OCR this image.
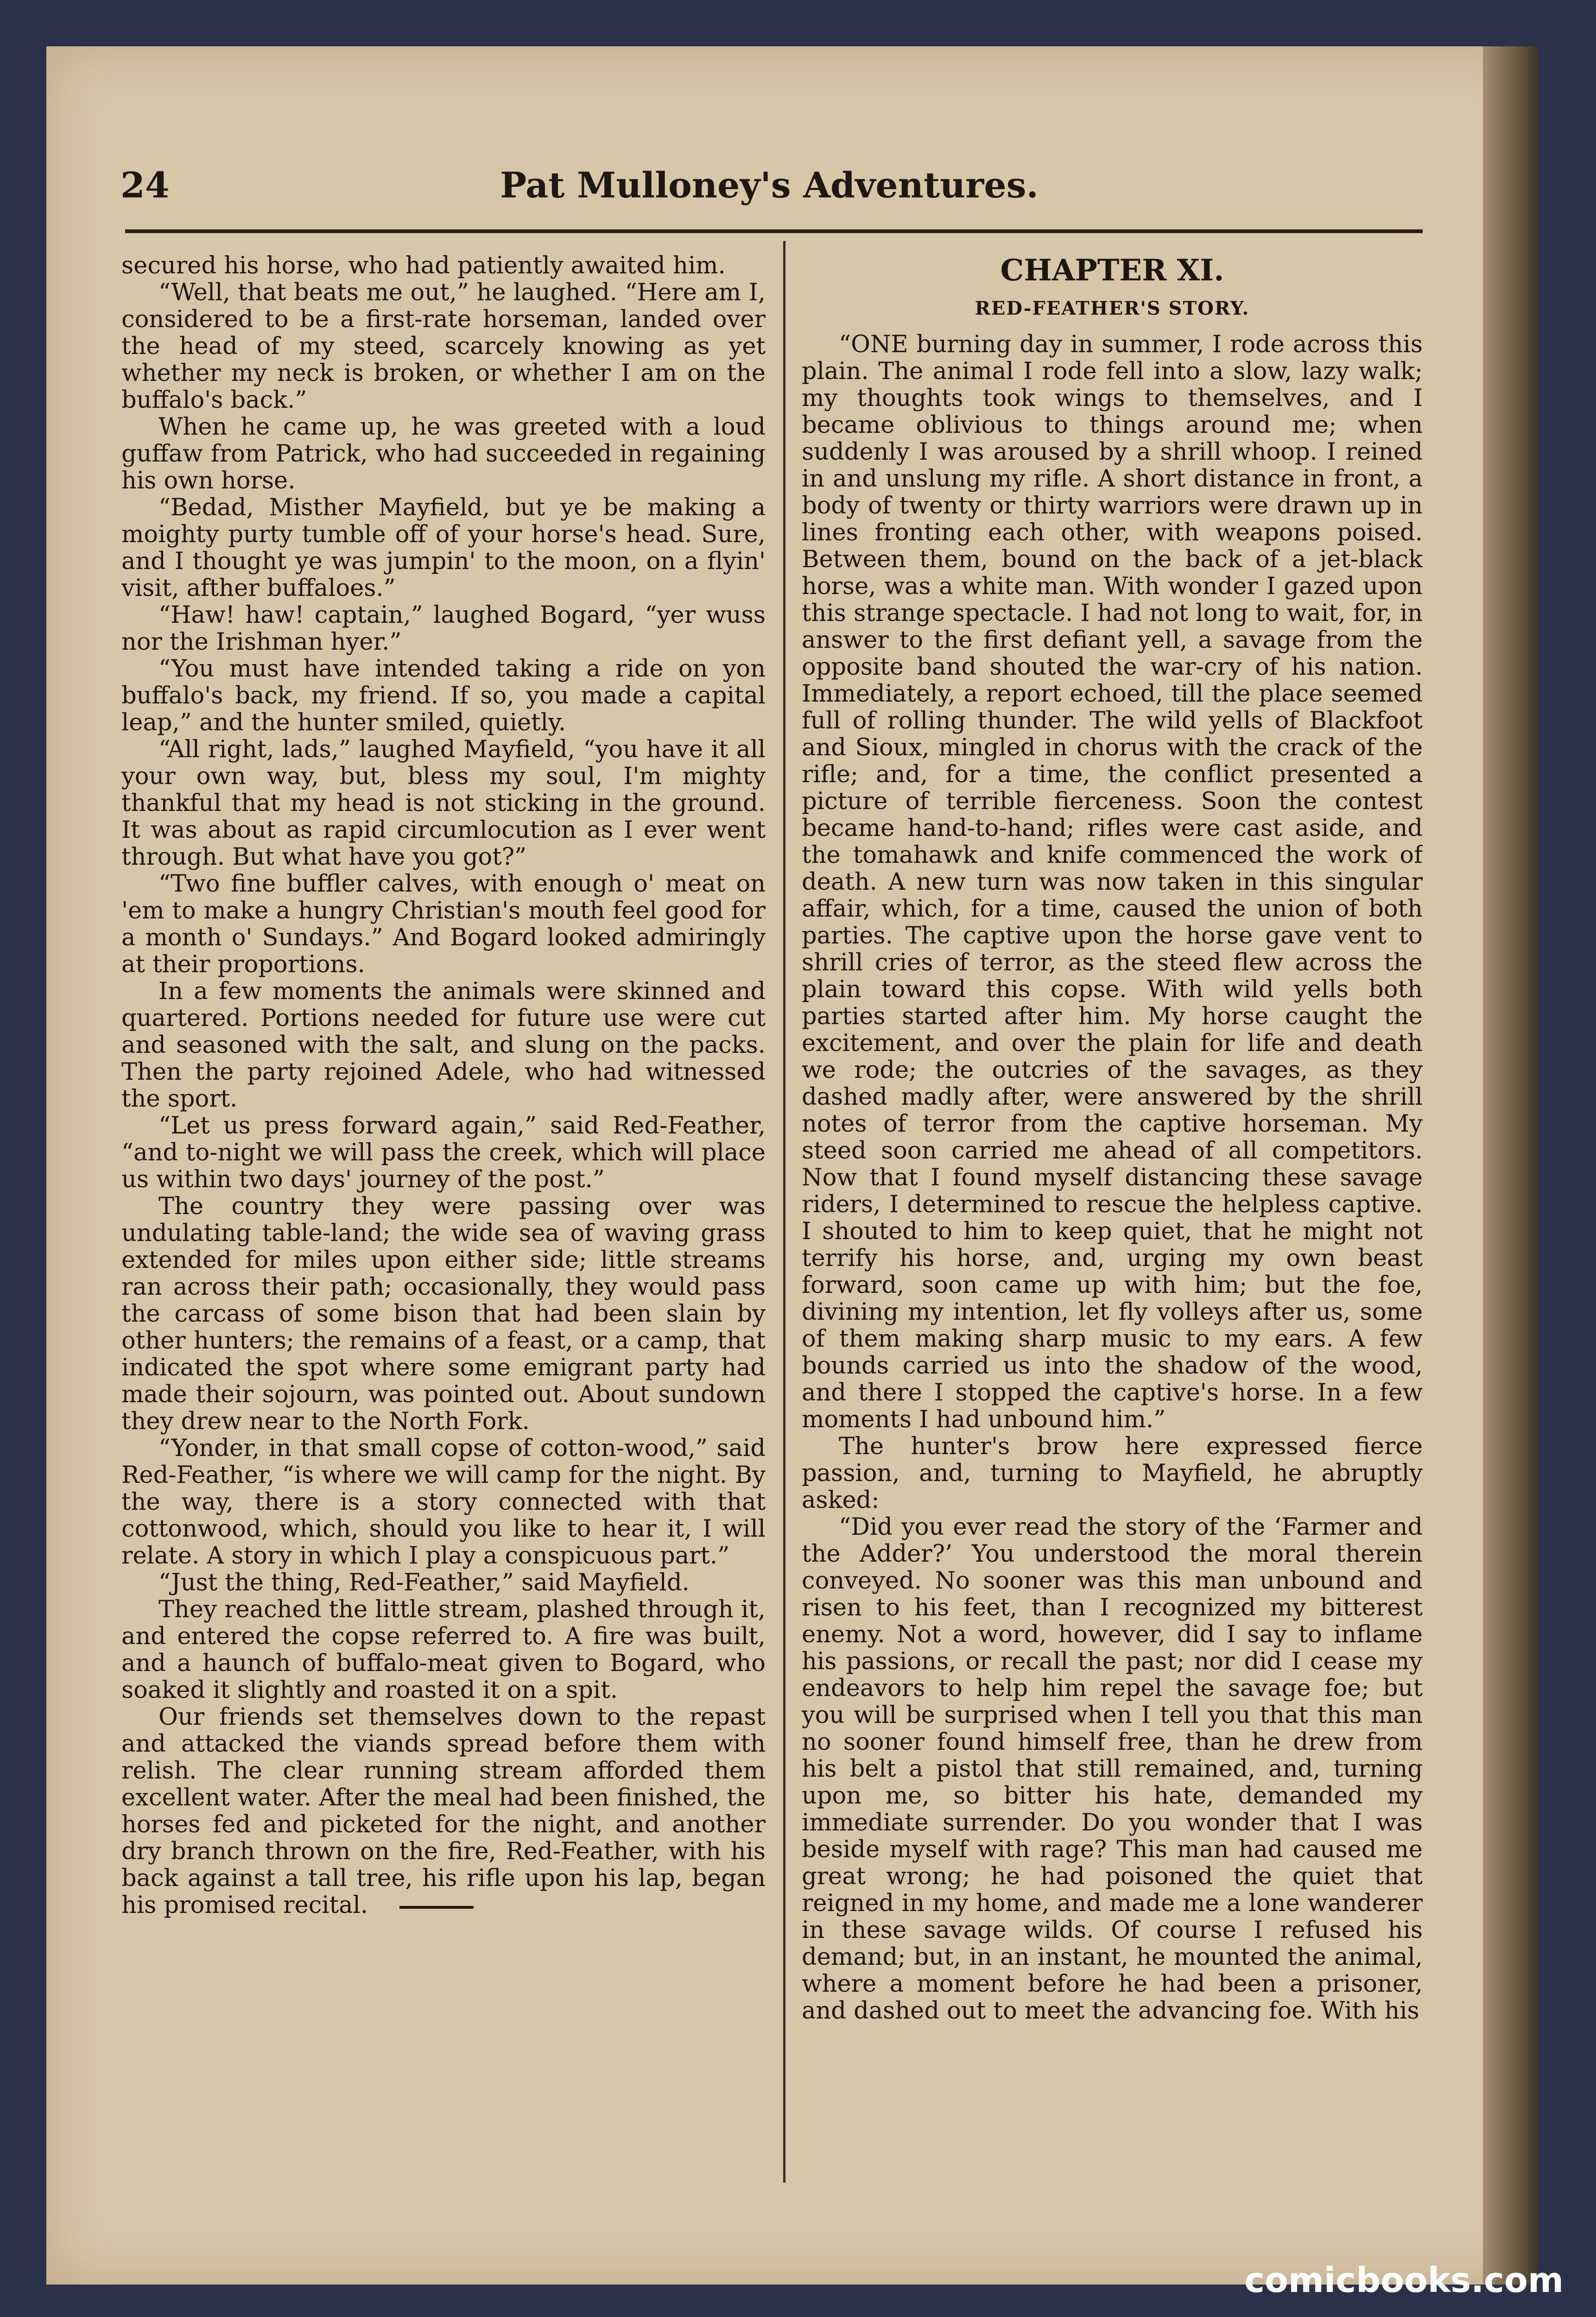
24	Pat Mulloney's Adventures.

secured his horse, who had patiently awaited him.

“Well, that beats me out,” he laughed. “Here am I, considered to be a first-rate horseman, landed over the head of my steed, scarcely knowing as yet whether my neck is broken, or whether I am on the buffalo's back.”

When he came up, he was greeted with a loud guffaw from Patrick, who had succeeded in regaining his own horse.

“Bedad, Misther Mayfield, but ye be making a moighty purty tumble off of your horse's head. Sure, and I thought ye was jumpin' to the moon, on a flyin' visit, afther buffaloes.”

“Haw! haw! captain,” laughed Bogard, “yer wuss nor the Irishman hyer.”

“You must have intended taking a ride on yon buffalo's back, my friend. If so, you made a capital leap,” and the hunter smiled, quietly.

“All right, lads,” laughed Mayfield, “you have it all your own way, but, bless my soul, I'm mighty thankful that my head is not sticking in the ground. It was about as rapid circumlocution as I ever went through. But what have you got?”

“Two fine buffler calves, with enough o' meat on 'em to make a hungry Christian's mouth feel good for a month o' Sundays.” And Bogard looked admiringly at their proportions.

In a few moments the animals were skinned and quartered. Portions needed for future use were cut and seasoned with the salt, and slung on the packs. Then the party rejoined Adele, who had witnessed the sport.

“Let us press forward again,” said Red-Feather, “and to-night we will pass the creek, which will place us within two days' journey of the post.”

The country they were passing over was undulating table-land; the wide sea of waving grass extended for miles upon either side; little streams ran across their path; occasionally, they would pass the carcass of some bison that had been slain by other hunters; the remains of a feast, or a camp, that indicated the spot where some emigrant party had made their sojourn, was pointed out. About sundown they drew near to the North Fork.

“Yonder, in that small copse of cotton-wood,” said Red-Feather, “is where we will camp for the night. By the way, there is a story connected with that cottonwood, which, should you like to hear it, I will relate. A story in which I play a conspicuous part.”

“Just the thing, Red-Feather,” said Mayfield.

They reached the little stream, plashed through it, and entered the copse referred to. A fire was built, and a haunch of buffalo-meat given to Bogard, who soaked it slightly and roasted it on a spit.

Our friends set themselves down to the repast and attacked the viands spread before them with relish. The clear running stream afforded them excellent water. After the meal had been finished, the horses fed and picketed for the night, and another dry branch thrown on the fire, Red-Feather, with his back against a tall tree, his rifle upon his lap, began his promised recital.

CHAPTER XI.
RED-FEATHER'S STORY.

“ONE burning day in summer, I rode across this plain. The animal I rode fell into a slow, lazy walk; my thoughts took wings to themselves, and I became oblivious to things around me; when suddenly I was aroused by a shrill whoop. I reined in and unslung my rifle. A short distance in front, a body of twenty or thirty warriors were drawn up in lines fronting each other, with weapons poised. Between them, bound on the back of a jet-black horse, was a white man. With wonder I gazed upon this strange spectacle. I had not long to wait, for, in answer to the first defiant yell, a savage from the opposite band shouted the war-cry of his nation. Immediately, a report echoed, till the place seemed full of rolling thunder. The wild yells of Blackfoot and Sioux, mingled in chorus with the crack of the rifle; and, for a time, the conflict presented a picture of terrible fierceness. Soon the contest became hand-to-hand; rifles were cast aside, and the tomahawk and knife commenced the work of death. A new turn was now taken in this singular affair, which, for a time, caused the union of both parties. The captive upon the horse gave vent to shrill cries of terror, as the steed flew across the plain toward this copse. With wild yells both parties started after him. My horse caught the excitement, and over the plain for life and death we rode; the outcries of the savages, as they dashed madly after, were answered by the shrill notes of terror from the captive horseman. My steed soon carried me ahead of all competitors. Now that I found myself distancing these savage riders, I determined to rescue the helpless captive. I shouted to him to keep quiet, that he might not terrify his horse, and, urging my own beast forward, soon came up with him; but the foe, divining my intention, let fly volleys after us, some of them making sharp music to my ears. A few bounds carried us into the shadow of the wood, and there I stopped the captive's horse. In a few moments I had unbound him.”

The hunter's brow here expressed fierce passion, and, turning to Mayfield, he abruptly asked:

“Did you ever read the story of the ‘Farmer and the Adder?’ You understood the moral therein conveyed. No sooner was this man unbound and risen to his feet, than I recognized my bitterest enemy. Not a word, however, did I say to inflame his passions, or recall the past; nor did I cease my endeavors to help him repel the savage foe; but you will be surprised when I tell you that this man no sooner found himself free, than he drew from his belt a pistol that still remained, and, turning upon me, so bitter his hate, demanded my immediate surrender. Do you wonder that I was beside myself with rage? This man had caused me great wrong; he had poisoned the quiet that reigned in my home, and made me a lone wanderer in these savage wilds. Of course I refused his demand; but, in an instant, he mounted the animal, where a moment before he had been a prisoner, and dashed out to meet the advancing foe. With his

comicbooks.com
